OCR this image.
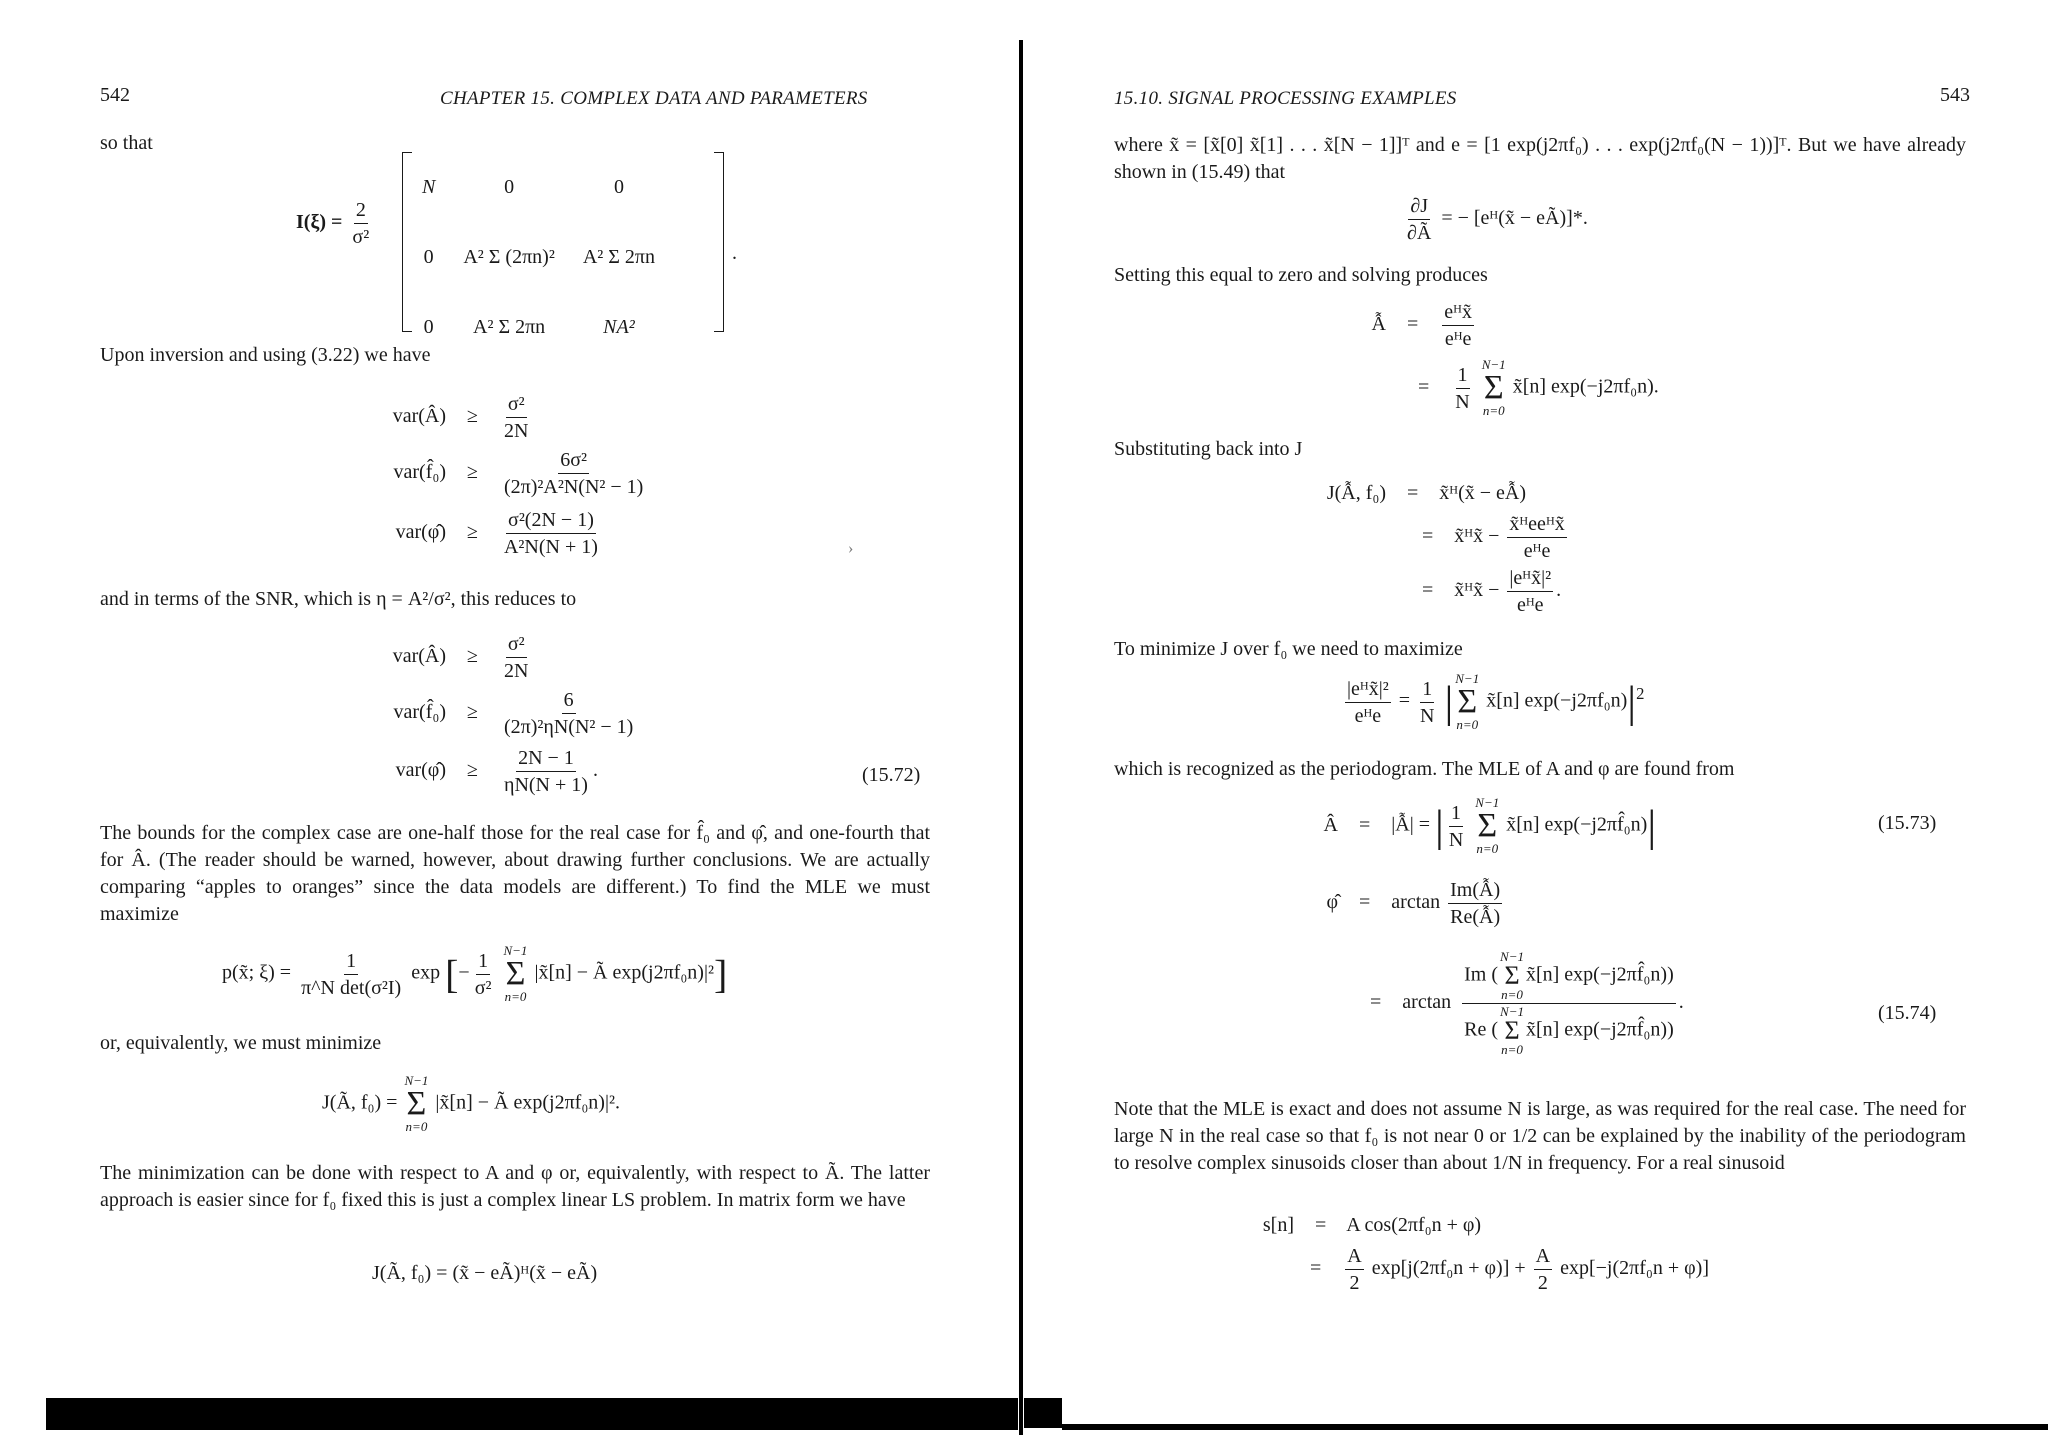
542	CHAPTER 15. COMPLEX DATA AND PARAMETERS
so that
$I(\xi) = \frac{2}{\text{σ²}}$
N	0	0
0	A² Σ (2πn)²	A² Σ 2πn
0	A² Σ 2πn	NA²
.
Upon inversion and using (3.22) we have
var(Â) ≥ $\frac{\text{σ²}}{2N}$
var(f̂₀) ≥ $\frac{\text{6σ²}}{\text{(2π)²A²N(N² − 1)}}$
var(φ̂) ≥ $\frac{\text{σ²(2N − 1)}}{\text{A²N(N + 1)}}$	›
and in terms of the SNR, which is η = A²/σ², this reduces to
var(Â) ≥ $\frac{\text{σ²}}{2N}$
var(f̂₀) ≥ $\frac{6}{\text{(2π)²ηN(N² − 1)}}$
var(φ̂) ≥ $\frac{2N - 1}{\eta N(N + 1)}$ .	(15.72)
The bounds for the complex case are one-half those for the real case for f̂₀ and φ̂, and one-fourth that for Â. (The reader should be warned, however, about drawing further conclusions. We are actually comparing “apples to oranges” since the data models are different.) To find the MLE we must maximize
p(x̃; $\xi) = \frac{1}{\text{π\textasciicircum{}N det(σ²I)}}$ exp [− $\frac{1}{\text{σ²}}$
N−1
Σ
n=0
|x̃[n] − Ã exp(j2πf₀n)|²]
or, equivalently, we must minimize
J(Ã, f₀) =
N−1
Σ
n=0
|x̃[n] − Ã exp(j2πf₀n)|².
The minimization can be done with respect to A and φ or, equivalently, with respect to Ã. The latter approach is easier since for f₀ fixed this is just a complex linear LS problem. In matrix form we have
J(Ã, f₀) = (x̃ − eÃ)ᴴ(x̃ − eÃ)
15.10. SIGNAL PROCESSING EXAMPLES	543
where x̃ = [x̃[0] x̃[1] . . . x̃[N − 1]]ᵀ and e = [1 exp(j2πf₀) . . . exp(j2πf₀(N − 1))]ᵀ. But we have already shown in (15.49) that
$\frac{\partial J}{\partial Ã}$ = − [eᴴ(x̃ − eÃ)]*.
Setting this equal to zero and solving produces
Ẫ = $\frac{\text{eᴴx̃}}{\text{eᴴe}}$
= $\frac{1}{N}$
N−1
Σ
n=0
x̃[n] exp(−j2πf₀n).
Substituting back into J
J(Ẫ, f₀) = x̃ᴴ(x̃ − eẪ)
= x̃ᴴx̃ − $\frac{\text{x̃ᴴeeᴴx̃}}{\text{eᴴe}}$
= x̃ᴴx̃ − $\frac{\text{|eᴴx̃|²}}{\text{eᴴe}}$ .
To minimize J over f₀ we need to maximize
$\frac{\text{|eᴴx̃|²}}{\text{eᴴe}} = \frac{1}{N}$ | N−1
Σ
n=0
x̃[n] $\exp(-j2\pi f_0n)|^2$
which is recognized as the periodogram. The MLE of A and φ are found from
Â = |Ẫ| = | $\frac{1}{N}$
N−1
Σ
n=0
x̃[n] exp(−j2πf̂₀n)|	(15.73)
φ̂ = $\arctan \frac{\text{Im(Ẫ)}}{\text{Re(Ẫ)}}$
= arctan Im (
N−1
Σ
n=0
x̃[n] exp(−j2πf̂₀n))
Re (
N−1
Σ
n=0
x̃[n] exp(−j2πf̂₀n)) .	(15.74)
Note that the MLE is exact and does not assume N is large, as was required for the real case. The need for large N in the real case so that f₀ is not near 0 or 1/2 can be explained by the inability of the periodogram to resolve complex sinusoids closer than about 1/N in frequency. For a real sinusoid
s[n] = A cos(2πf₀n + φ)
= $\frac{A}{2} \exp[j(2\pi f_0n + \varphi)] + \frac{A}{2} \exp[-j(2\pi f_0n + \varphi)]$
